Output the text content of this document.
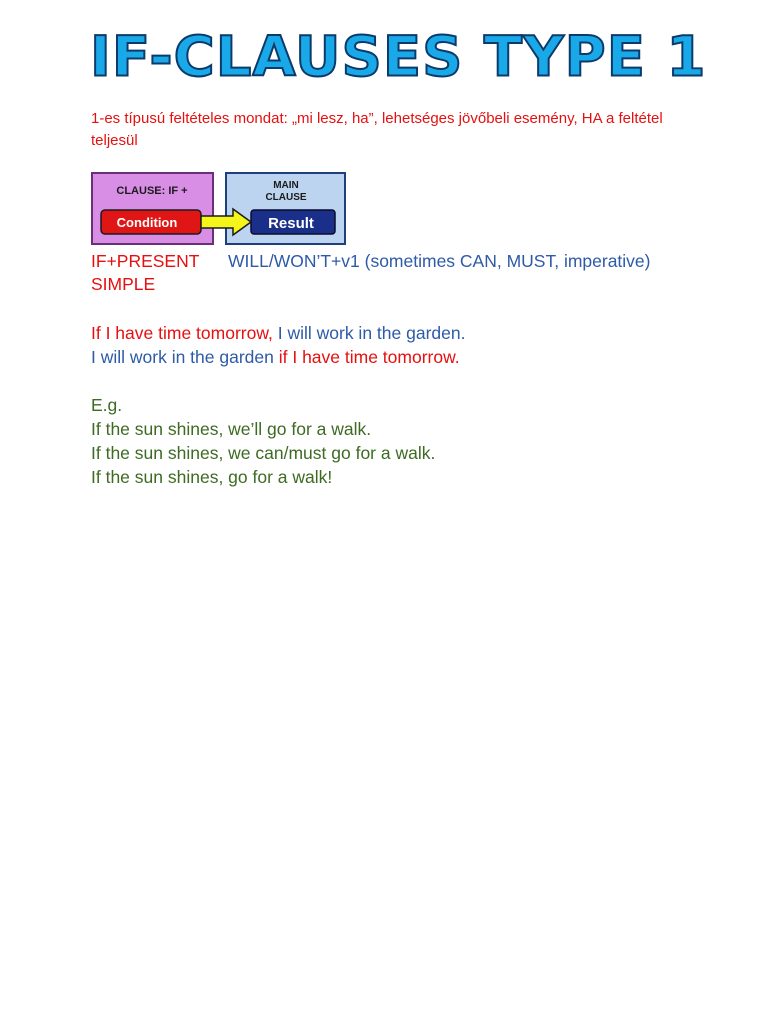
IF-CLAUSES TYPE 1

1-es típusú feltételes mondat: „mi lesz, ha”, lehetséges jövőbeli esemény, HA a feltétel teljesül

CLAUSE: IF +
Condition
MAIN
CLAUSE
Result

IF+PRESENT SIMPLE

WILL/WON’T+v1 (sometimes CAN, MUST, imperative)

If I have time tomorrow, I will work in the garden.
I will work in the garden if I have time tomorrow.

E.g.
If the sun shines, we’ll go for a walk.
If the sun shines, we can/must go for a walk.
If the sun shines, go for a walk!
